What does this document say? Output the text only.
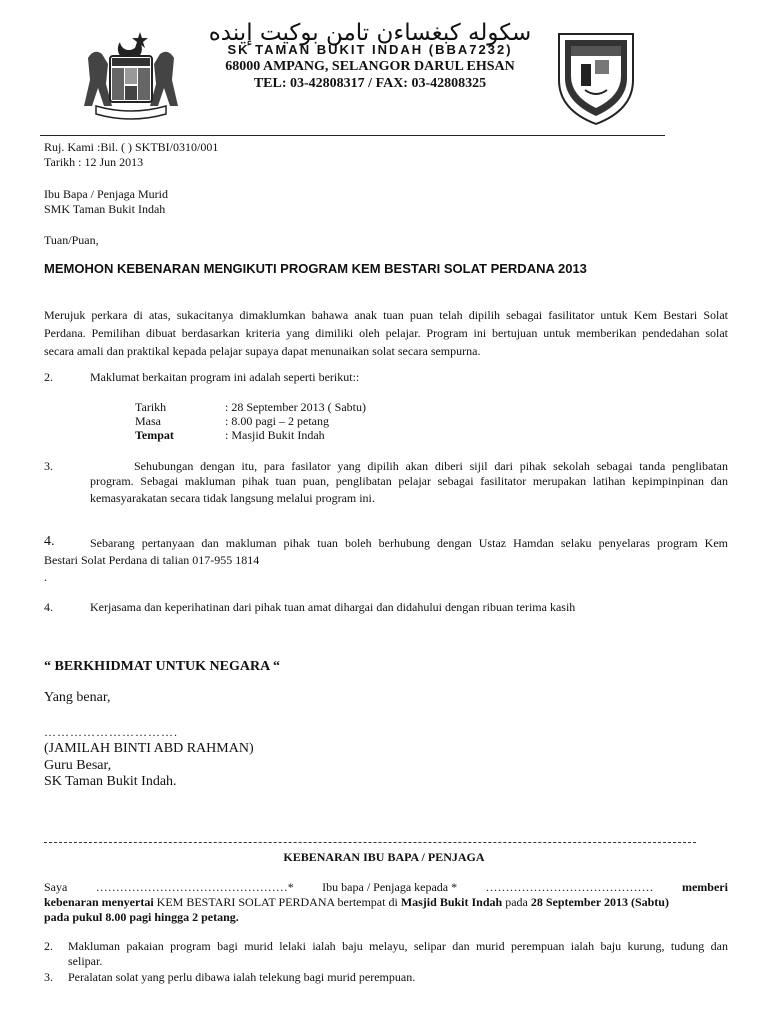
سکوله کبغساءن تامن بوکيت إينده
SK TAMAN BUKIT INDAH (BBA7232)
68000 AMPANG, SELANGOR DARUL EHSAN
TEL: 03-42808317 / FAX: 03-42808325
Ruj. Kami :Bil. ( ) SKTBI/0310/001
Tarikh : 12 Jun 2013
Ibu Bapa / Penjaga Murid
SMK Taman Bukit Indah
Tuan/Puan,
MEMOHON KEBENARAN MENGIKUTI PROGRAM KEM BESTARI SOLAT PERDANA 2013
Merujuk perkara di atas, sukacitanya dimaklumkan bahawa anak tuan puan telah dipilih sebagai fasilitator untuk Kem Bestari Solat
Perdana. Pemilihan dibuat berdasarkan kriteria yang dimiliki oleh pelajar. Program ini bertujuan untuk memberikan pendedahan solat
secara amali dan praktikal kepada pelajar supaya dapat menunaikan solat secara sempurna.
2.	Maklumat berkaitan program ini adalah seperti berikut::
Tarikh	: 28 September 2013 ( Sabtu)
Masa	: 8.00 pagi – 2 petang
Tempat	: Masjid Bukit Indah
3.	Sehubungan dengan itu, para fasilator yang dipilih akan diberi sijil dari pihak sekolah sebagai tanda penglibatan
program. Sebagai makluman pihak tuan puan, penglibatan pelajar sebagai fasilitator merupakan latihan kepimpinpinan dan
kemasyarakatan secara tidak langsung melalui program ini.
4.	Sebarang pertanyaan dan makluman pihak tuan boleh berhubung dengan Ustaz Hamdan selaku penyelaras program Kem
Bestari Solat Perdana di talian 017-955 1814
.
4.	Kerjasama dan keperihatinan dari pihak tuan amat dihargai dan didahului dengan ribuan terima kasih
“ BERKHIDMAT UNTUK NEGARA “
Yang benar,
………………………….
(JAMILAH BINTI ABD RAHMAN)
Guru Besar,
SK Taman Bukit Indah.
KEBENARAN IBU BAPA / PENJAGA
Saya …………………………………………* Ibu bapa / Penjaga kepada * …………………………………… memberi
kebenaran menyertai KEM BESTARI SOLAT PERDANA bertempat di Masjid Bukit Indah pada 28 September 2013 (Sabtu)
pada pukul 8.00 pagi hingga 2 petang.
2. Makluman pakaian program bagi murid lelaki ialah baju melayu, selipar dan murid perempuan ialah baju kurung, tudung dan
selipar.
3. Peralatan solat yang perlu dibawa ialah telekung bagi murid perempuan.
